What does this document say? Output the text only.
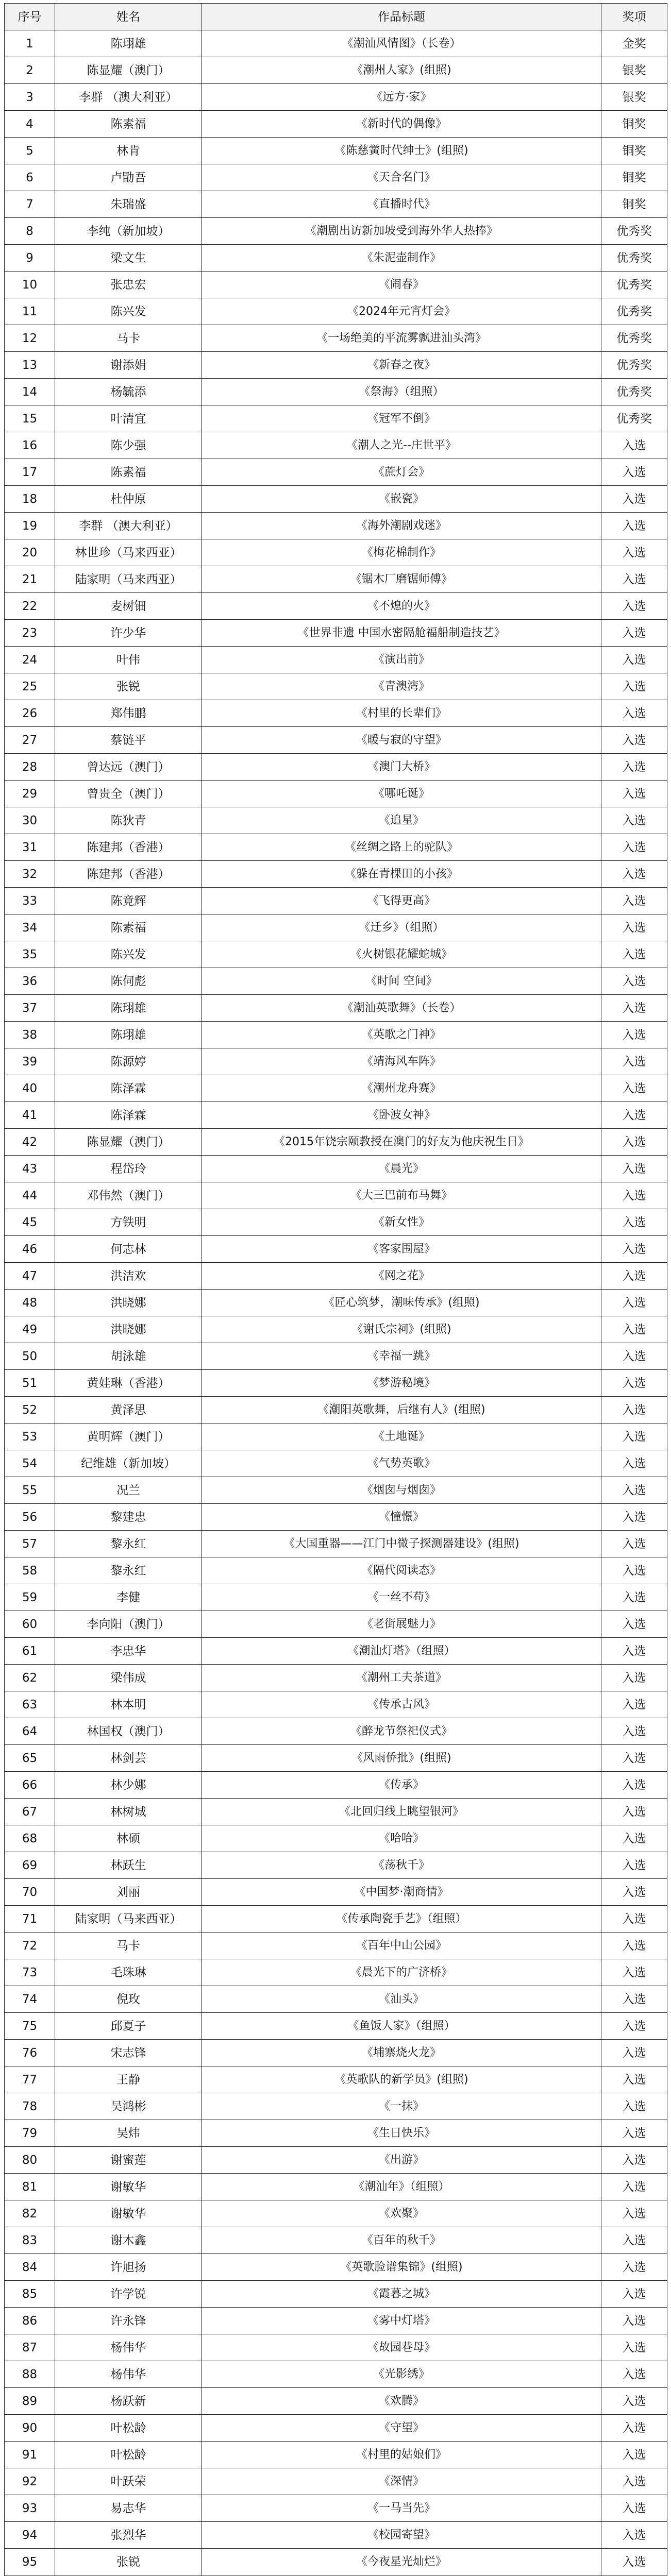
序号	姓名	作品标题	奖项
1	陈珝雄	《潮汕风情图》（长卷）	金奖
2	陈显耀（澳门）	《潮州人家》(组照)	银奖
3	李群 （澳大利亚）	《远方·家》	银奖
4	陈素福	《新时代的偶像》	铜奖
5	林肯	《陈慈黉时代绅士》(组照)	铜奖
6	卢勖吾	《天合名门》	铜奖
7	朱瑞盛	《直播时代》	铜奖
8	李纯（新加坡）	《潮剧出访新加坡受到海外华人热捧》	优秀奖
9	梁文生	《朱泥壶制作》	优秀奖
10	张忠宏	《闹春》	优秀奖
11	陈兴发	《2024年元宵灯会》	优秀奖
12	马卡	《一场绝美的平流雾飘进汕头湾》	优秀奖
13	谢添娟	《新春之夜》	优秀奖
14	杨毓添	《祭海》（组照）	优秀奖
15	叶清宜	《冠军不倒》	优秀奖
16	陈少强	《潮人之光--庄世平》	入选
17	陈素福	《蔗灯会》	入选
18	杜仲原	《嵌瓷》	入选
19	李群 （澳大利亚）	《海外潮剧戏迷》	入选
20	林世珍（马来西亚）	《梅花棉制作》	入选
21	陆家明（马来西亚）	《锯木厂磨锯师傅》	入选
22	麦树钿	《不熄的火》	入选
23	许少华	《世界非遗 中国水密隔舱福船制造技艺》	入选
24	叶伟	《演出前》	入选
25	张锐	《青澳湾》	入选
26	郑伟鹏	《村里的长辈们》	入选
27	蔡链平	《暖与寂的守望》	入选
28	曾达远（澳门）	《澳门大桥》	入选
29	曾贵全（澳门）	《哪吒诞》	入选
30	陈狄青	《追星》	入选
31	陈建邦（香港）	《丝绸之路上的驼队》	入选
32	陈建邦（香港）	《躲在青棵田的小孩》	入选
33	陈竟辉	《飞得更高》	入选
34	陈素福	《迁乡》（组照）	入选
35	陈兴发	《火树银花耀蛇城》	入选
36	陈伺彪	《时间 空间》	入选
37	陈珝雄	《潮汕英歌舞》（长卷）	入选
38	陈珝雄	《英歌之门神》	入选
39	陈源婷	《靖海风车阵》	入选
40	陈泽霖	《潮州龙舟赛》	入选
41	陈泽霖	《卧波女神》	入选
42	陈显耀（澳门）	《2015年饶宗颐教授在澳门的好友为他庆祝生日》	入选
43	程岱玲	《晨光》	入选
44	邓伟然（澳门）	《大三巴前布马舞》	入选
45	方铁明	《新女性》	入选
46	何志林	《客家围屋》	入选
47	洪洁欢	《网之花》	入选
48	洪晓娜	《匠心筑梦，潮味传承》(组照)	入选
49	洪晓娜	《谢氏宗祠》(组照)	入选
50	胡泳雄	《幸福一跳》	入选
51	黄娃琳（香港）	《梦游秘境》	入选
52	黄泽思	《潮阳英歌舞，后继有人》(组照)	入选
53	黄明辉（澳门）	《土地诞》	入选
54	纪维雄（新加坡）	《气势英歌》	入选
55	况兰	《烟囱与烟囱》	入选
56	黎建忠	《憧憬》	入选
57	黎永红	《大国重器——江门中微子探测器建设》(组照)	入选
58	黎永红	《隔代阅读态》	入选
59	李健	《一丝不苟》	入选
60	李向阳（澳门）	《老街展魅力》	入选
61	李忠华	《潮汕灯塔》（组照）	入选
62	梁伟成	《潮州工夫茶道》	入选
63	林本明	《传承古风》	入选
64	林国权（澳门）	《醉龙节祭祀仪式》	入选
65	林剑芸	《风雨侨批》(组照)	入选
66	林少娜	《传承》	入选
67	林树城	《北回归线上眺望银河》	入选
68	林硕	《哈哈》	入选
69	林跃生	《荡秋千》	入选
70	刘丽	《中国梦·潮商情》	入选
71	陆家明（马来西亚）	《传承陶瓷手艺》（组照）	入选
72	马卡	《百年中山公园》	入选
73	毛珠琳	《晨光下的广济桥》	入选
74	倪玫	《汕头》	入选
75	邱夏子	《鱼饭人家》（组照）	入选
76	宋志锋	《埔寨烧火龙》	入选
77	王静	《英歌队的新学员》(组照)	入选
78	吴鸿彬	《一抹》	入选
79	吴炜	《生日快乐》	入选
80	谢蜜莲	《出游》	入选
81	谢敏华	《潮汕年》（组照）	入选
82	谢敏华	《欢聚》	入选
83	谢木鑫	《百年的秋千》	入选
84	许旭扬	《英歌脸谱集锦》(组照)	入选
85	许学锐	《霞暮之城》	入选
86	许永锋	《雾中灯塔》	入选
87	杨伟华	《故园巷母》	入选
88	杨伟华	《光影绣》	入选
89	杨跃新	《欢腾》	入选
90	叶松龄	《守望》	入选
91	叶松龄	《村里的姑娘们》	入选
92	叶跃荣	《深情》	入选
93	易志华	《一马当先》	入选
94	张烈华	《校园寄望》	入选
95	张锐	《今夜星光灿烂》	入选
